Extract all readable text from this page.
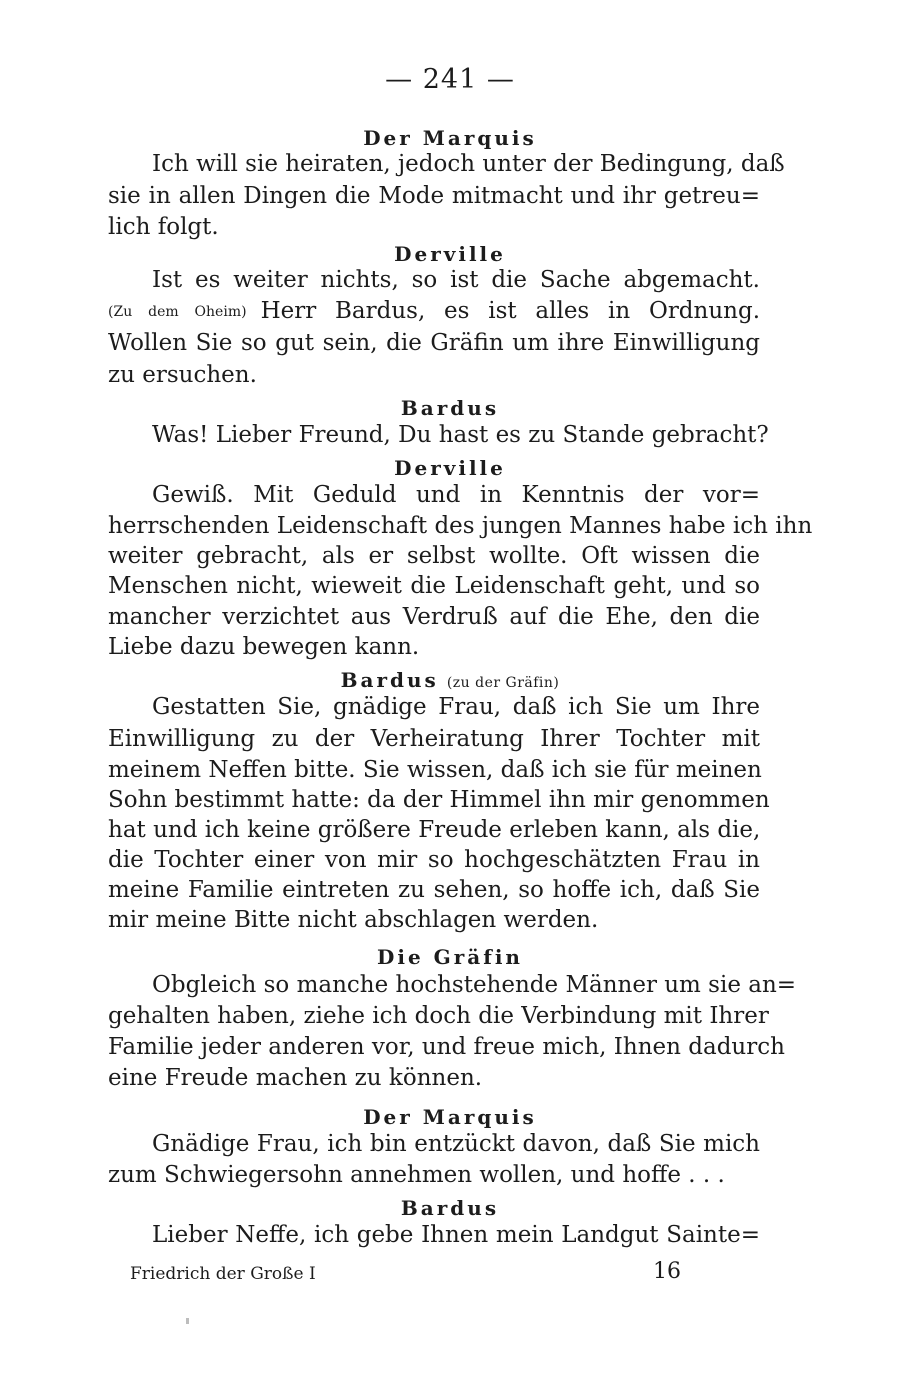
— 241 —
Der Marquis
Ich will sie heiraten, jedoch unter der Bedingung, daß
sie in allen Dingen die Mode mitmacht und ihr getreu=
lich folgt.
Derville
Ist es weiter nichts, so ist die Sache abgemacht.
(Zu dem Oheim) Herr Bardus, es ist alles in Ordnung.
Wollen Sie so gut sein, die Gräfin um ihre Einwilligung
zu ersuchen.
Bardus
Was! Lieber Freund, Du hast es zu Stande gebracht?
Derville
Gewiß. Mit Geduld und in Kenntnis der vor=
herrschenden Leidenschaft des jungen Mannes habe ich ihn
weiter gebracht, als er selbst wollte. Oft wissen die
Menschen nicht, wieweit die Leidenschaft geht, und so
mancher verzichtet aus Verdruß auf die Ehe, den die
Liebe dazu bewegen kann.
Bardus (zu der Gräfin)
Gestatten Sie, gnädige Frau, daß ich Sie um Ihre
Einwilligung zu der Verheiratung Ihrer Tochter mit
meinem Neffen bitte. Sie wissen, daß ich sie für meinen
Sohn bestimmt hatte: da der Himmel ihn mir genommen
hat und ich keine größere Freude erleben kann, als die,
die Tochter einer von mir so hochgeschätzten Frau in
meine Familie eintreten zu sehen, so hoffe ich, daß Sie
mir meine Bitte nicht abschlagen werden.
Die Gräfin
Obgleich so manche hochstehende Männer um sie an=
gehalten haben, ziehe ich doch die Verbindung mit Ihrer
Familie jeder anderen vor, und freue mich, Ihnen dadurch
eine Freude machen zu können.
Der Marquis
Gnädige Frau, ich bin entzückt davon, daß Sie mich
zum Schwiegersohn annehmen wollen, und hoffe . . .
Bardus
Lieber Neffe, ich gebe Ihnen mein Landgut Sainte=
Friedrich der Große I	16
